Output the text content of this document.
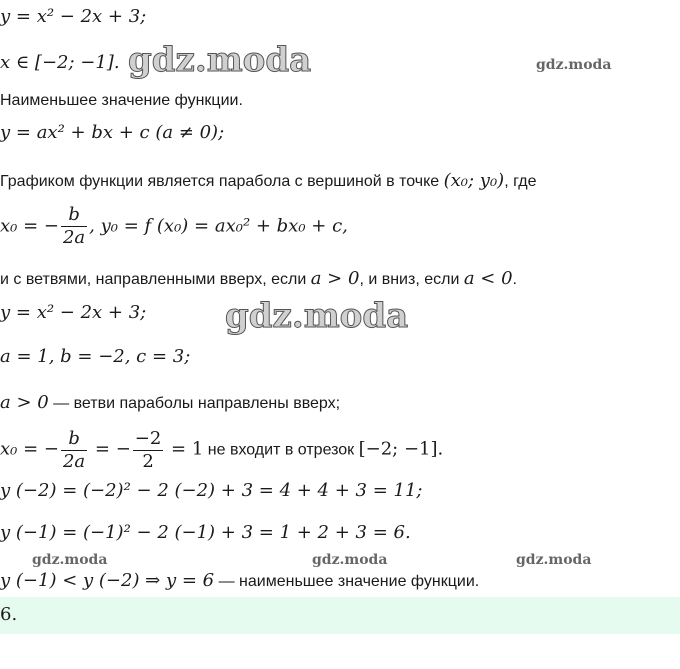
y = x² − 2x + 3;
x ∈ [−2; −1]. gdz.moda	gdz.moda
Наименьшее значение функции.
y = ax² + bx + c (a ≠ 0);
Графиком функции является парабола с вершиной в точке (x₀; y₀), где
x₀ = − $\frac{b}{2a}$ , y₀ = f (x₀) = ax₀² + bx₀ + c,
и с ветвями, направленными вверх, если a > 0, и вниз, если a < 0.
y = x² − 2x + 3; gdz.moda
a = 1, b = −2, c = 3;
a > 0 — ветви параболы направлены вверх;
x₀ = − $\frac{b}{2a}$ = − $\frac{-2}{2} = 1$ не входит в отрезок [−2; −1].
y (−2) = (−2)² − 2 (−2) + 3 = 4 + 4 + 3 = 11;
y (−1) = (−1)² − 2 (−1) + 3 = 1 + 2 + 3 = 6.
gdz.moda	gdz.moda	gdz.moda
y (−1) < y (−2) ⇒ y = 6 — наименьшее значение функции.
6.
